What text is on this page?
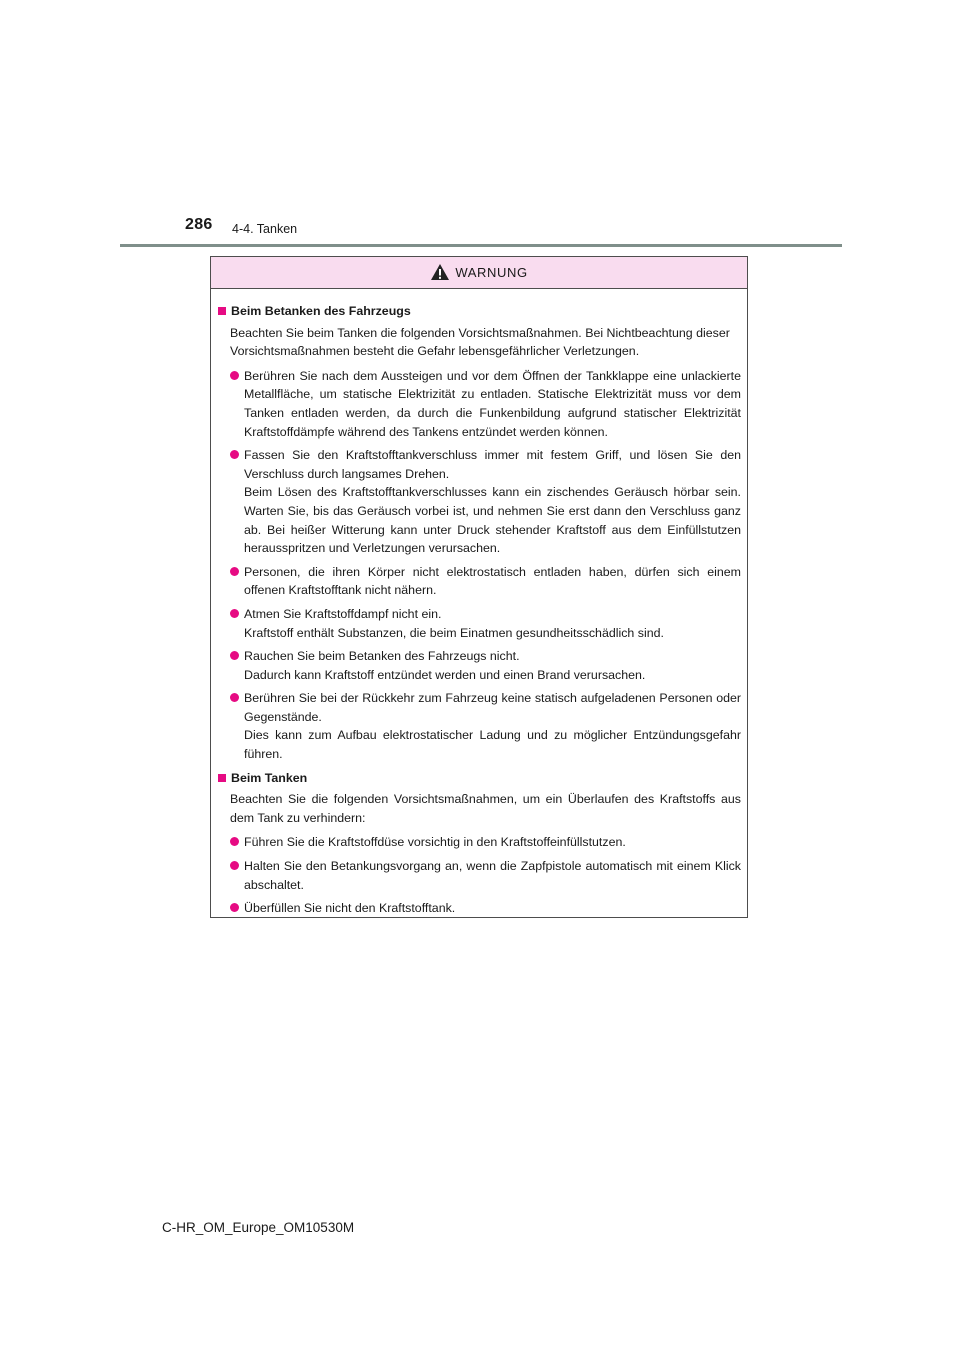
286 4-4. Tanken
WARNUNG
Beim Betanken des Fahrzeugs
Beachten Sie beim Tanken die folgenden Vorsichtsmaßnahmen. Bei Nichtbeachtung dieser Vorsichtsmaßnahmen besteht die Gefahr lebensgefährlicher Verletzungen.

Berühren Sie nach dem Aussteigen und vor dem Öffnen der Tankklappe eine unlackierte Metallfläche, um statische Elektrizität zu entladen. Statische Elektrizität muss vor dem Tanken entladen werden, da durch die Funkenbildung aufgrund statischer Elektrizität Kraftstoffdämpfe während des Tankens entzündet werden können.

Fassen Sie den Kraftstofftankverschluss immer mit festem Griff, und lösen Sie den Verschluss durch langsames Drehen.

Beim Lösen des Kraftstofftankverschlusses kann ein zischendes Geräusch hörbar sein. Warten Sie, bis das Geräusch vorbei ist, und nehmen Sie erst dann den Verschluss ganz ab. Bei heißer Witterung kann unter Druck stehender Kraftstoff aus dem Einfüllstutzen herausspritzen und Verletzungen verursachen.

Personen, die ihren Körper nicht elektrostatisch entladen haben, dürfen sich einem offenen Kraftstofftank nicht nähern.

Atmen Sie Kraftstoffdampf nicht ein.

Kraftstoff enthält Substanzen, die beim Einatmen gesundheitsschädlich sind.

Rauchen Sie beim Betanken des Fahrzeugs nicht.

Dadurch kann Kraftstoff entzündet werden und einen Brand verursachen.

Berühren Sie bei der Rückkehr zum Fahrzeug keine statisch aufgeladenen Personen oder Gegenstände.

Dies kann zum Aufbau elektrostatischer Ladung und zu möglicher Entzündungsgefahr führen.

Beim Tanken
Beachten Sie die folgenden Vorsichtsmaßnahmen, um ein Überlaufen des Kraftstoffs aus dem Tank zu verhindern:

Führen Sie die Kraftstoffdüse vorsichtig in den Kraftstoffeinfüllstutzen.

Halten Sie den Betankungsvorgang an, wenn die Zapfpistole automatisch mit einem Klick abschaltet.

Überfüllen Sie nicht den Kraftstofftank.

C-HR_OM_Europe_OM10530M
